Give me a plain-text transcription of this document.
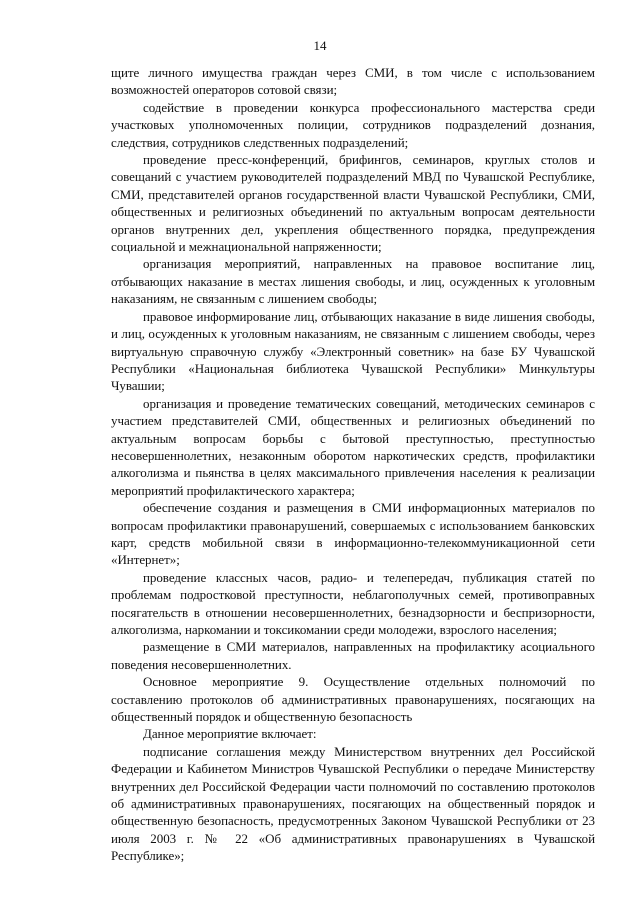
14

щите личного имущества граждан через СМИ, в том числе с использованием возможностей операторов сотовой связи;

содействие в проведении конкурса профессионального мастерства среди участковых уполномоченных полиции, сотрудников подразделений дознания, следствия, сотрудников следственных подразделений;

проведение пресс-конференций, брифингов, семинаров, круглых столов и совещаний с участием руководителей подразделений МВД по Чувашской Республике, СМИ, представителей органов государственной власти Чувашской Республики, СМИ, общественных и религиозных объединений по актуальным вопросам деятельности органов внутренних дел, укрепления общественного порядка, предупреждения социальной и межнациональной напряженности;

организация мероприятий, направленных на правовое воспитание лиц, отбывающих наказание в местах лишения свободы, и лиц, осужденных к уголовным наказаниям, не связанным с лишением свободы;

правовое информирование лиц, отбывающих наказание в виде лишения свободы, и лиц, осужденных к уголовным наказаниям, не связанным с лишением свободы, через виртуальную справочную службу «Электронный советник» на базе БУ Чувашской Республики «Национальная библиотека Чувашской Республики» Минкультуры Чувашии;

организация и проведение тематических совещаний, методических семинаров с участием представителей СМИ, общественных и религиозных объединений по актуальным вопросам борьбы с бытовой преступностью, преступностью несовершеннолетних, незаконным оборотом наркотических средств, профилактики алкоголизма и пьянства в целях максимального привлечения населения к реализации мероприятий профилактического характера;

обеспечение создания и размещения в СМИ информационных материалов по вопросам профилактики правонарушений, совершаемых с использованием банковских карт, средств мобильной связи в информационно-телекоммуникационной сети «Интернет»;

проведение классных часов, радио- и телепередач, публикация статей по проблемам подростковой преступности, неблагополучных семей, противоправных посягательств в отношении несовершеннолетних, безнадзорности и беспризорности, алкоголизма, наркомании и токсикомании среди молодежи, взрослого населения;

размещение в СМИ материалов, направленных на профилактику асоциального поведения несовершеннолетних.

Основное мероприятие 9. Осуществление отдельных полномочий по составлению протоколов об административных правонарушениях, посягающих на общественный порядок и общественную безопасность

Данное мероприятие включает:

подписание соглашения между Министерством внутренних дел Российской Федерации и Кабинетом Министров Чувашской Республики о передаче Министерству внутренних дел Российской Федерации части полномочий по составлению протоколов об административных правонарушениях, посягающих на общественный порядок и общественную безопасность, предусмотренных Законом Чувашской Республики от 23 июля 2003 г. № 22 «Об административных правонарушениях в Чувашской Республике»;
